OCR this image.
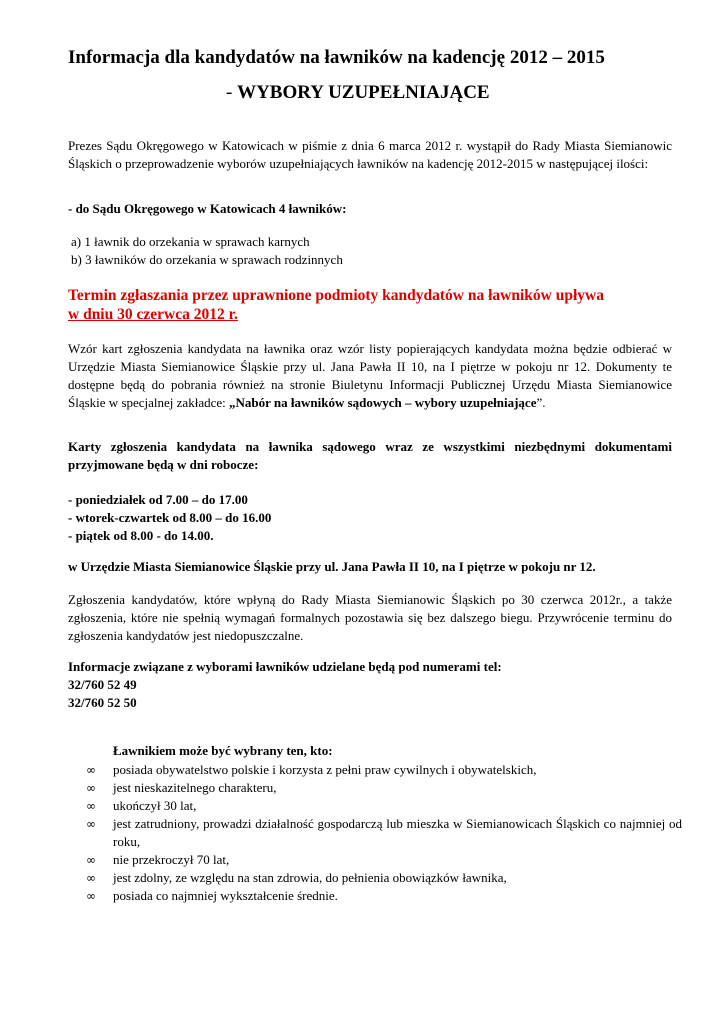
Informacja dla kandydatów na ławników na kadencję 2012 – 2015
- WYBORY UZUPEŁNIAJĄCE

Prezes Sądu Okręgowego w Katowicach w piśmie z dnia 6 marca 2012 r. wystąpił do Rady Miasta Siemianowic Śląskich o przeprowadzenie wyborów uzupełniających ławników na kadencję 2012-2015 w następującej ilości:

- do Sądu Okręgowego w Katowicach 4 ławników:

a) 1 ławnik do orzekania w sprawach karnych

b) 3 ławników do orzekania w sprawach rodzinnych

Termin zgłaszania przez uprawnione podmioty kandydatów na ławników upływa
w dniu 30 czerwca 2012 r.

Wzór kart zgłoszenia kandydata na ławnika oraz wzór listy popierających kandydata można będzie odbierać w Urzędzie Miasta Siemianowice Śląskie przy ul. Jana Pawła II 10, na I piętrze w pokoju nr 12. Dokumenty te dostępne będą do pobrania również na stronie Biuletynu Informacji Publicznej Urzędu Miasta Siemianowice Śląskie w specjalnej zakładce: „Nabór na ławników sądowych – wybory uzupełniające”.

Karty zgłoszenia kandydata na ławnika sądowego wraz ze wszystkimi niezbędnymi dokumentami przyjmowane będą w dni robocze:

- poniedziałek od 7.00 – do 17.00

- wtorek-czwartek od 8.00 – do 16.00

- piątek od 8.00 - do 14.00.

w Urzędzie Miasta Siemianowice Śląskie przy ul. Jana Pawła II 10, na I piętrze w pokoju nr 12.

Zgłoszenia kandydatów, które wpłyną do Rady Miasta Siemianowic Śląskich po 30 czerwca 2012r., a także zgłoszenia, które nie spełnią wymagań formalnych pozostawia się bez dalszego biegu. Przywrócenie terminu do zgłoszenia kandydatów jest niedopuszczalne.

Informacje związane z wyborami ławników udzielane będą pod numerami tel:

32/760 52 49

32/760 52 50

Ławnikiem może być wybrany ten, kto:

∞ posiada obywatelstwo polskie i korzysta z pełni praw cywilnych i obywatelskich,
∞ jest nieskazitelnego charakteru,
∞ ukończył 30 lat,
∞ jest zatrudniony, prowadzi działalność gospodarczą lub mieszka w Siemianowicach Śląskich co najmniej od roku,
∞ nie przekroczył 70 lat,
∞ jest zdolny, ze względu na stan zdrowia, do pełnienia obowiązków ławnika,
∞ posiada co najmniej wykształcenie średnie.
